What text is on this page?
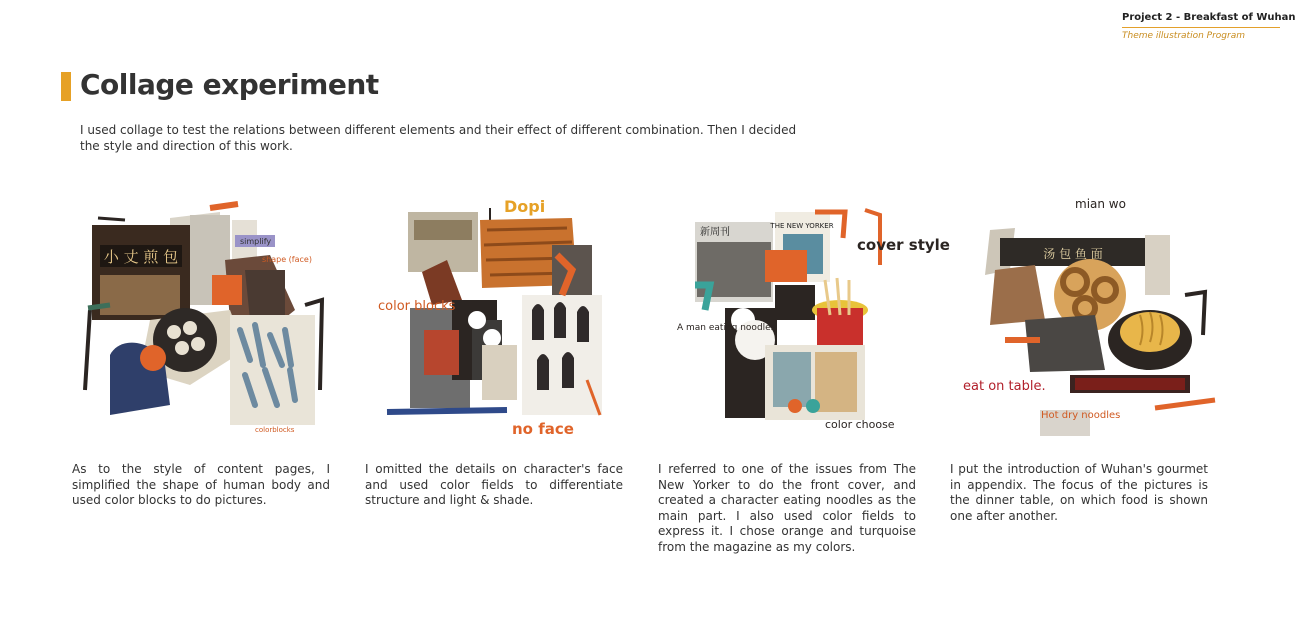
Project 2 - Breakfast of Wuhan
Theme illustration Program
Collage experiment
I used collage to test the relations between different elements and their effect of different combination. Then I decided the style and direction of this work.
小 丈 煎 包
simplify
shape (face)
colorblocks
As to the style of content pages, I simplified the shape of human body and used color blocks to do pictures.
Dopi
color blocks
no face
I omitted the details on character's face and used color fields to differentiate structure and light & shade.
新周刊
THE NEW YORKER
cover style
A man eating noodles
color choose
I referred to one of the issues from The New Yorker to do the front cover, and created a character eating noodles as the main part. I also used color fields to express it. I chose orange and turquoise from the magazine as my colors.
mian wo
汤 包 鱼 面
eat on table.
Hot dry noodles
I put the introduction of Wuhan's gourmet in appendix. The focus of the pictures is the dinner table, on which food is shown one after another.
